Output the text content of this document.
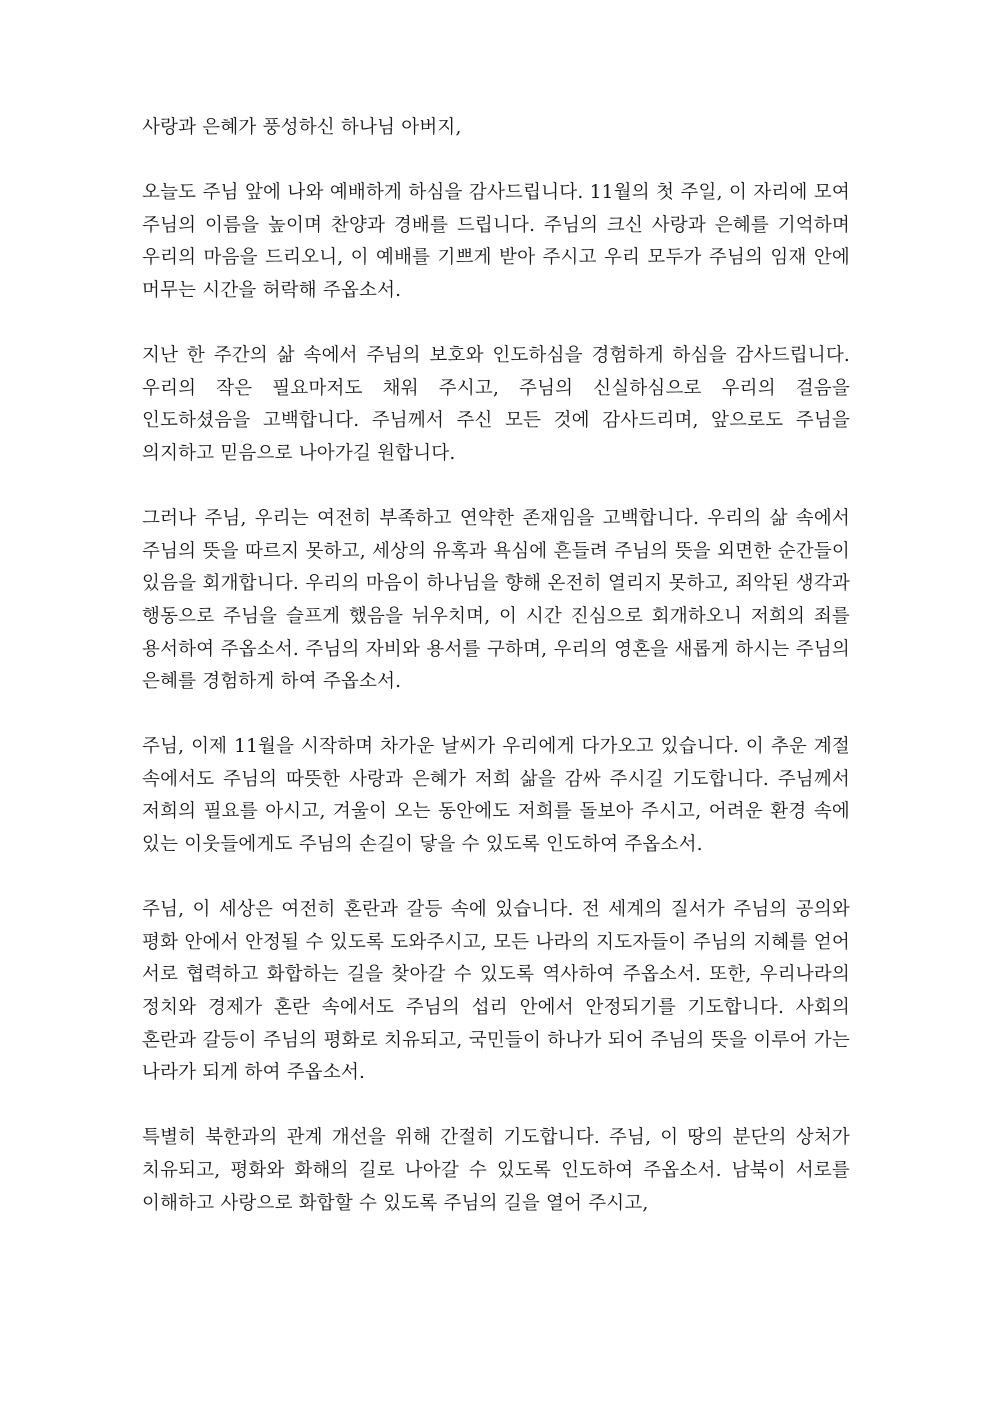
사랑과 은혜가 풍성하신 하나님 아버지,

오늘도 주님 앞에 나와 예배하게 하심을 감사드립니다. 11월의 첫 주일, 이 자리에 모여 주님의 이름을 높이며 찬양과 경배를 드립니다. 주님의 크신 사랑과 은혜를 기억하며 우리의 마음을 드리오니, 이 예배를 기쁘게 받아 주시고 우리 모두가 주님의 임재 안에 머무는 시간을 허락해 주옵소서.

지난 한 주간의 삶 속에서 주님의 보호와 인도하심을 경험하게 하심을 감사드립니다. 우리의 작은 필요마저도 채워 주시고, 주님의 신실하심으로 우리의 걸음을 인도하셨음을 고백합니다. 주님께서 주신 모든 것에 감사드리며, 앞으로도 주님을 의지하고 믿음으로 나아가길 원합니다.

그러나 주님, 우리는 여전히 부족하고 연약한 존재임을 고백합니다. 우리의 삶 속에서 주님의 뜻을 따르지 못하고, 세상의 유혹과 욕심에 흔들려 주님의 뜻을 외면한 순간들이 있음을 회개합니다. 우리의 마음이 하나님을 향해 온전히 열리지 못하고, 죄악된 생각과 행동으로 주님을 슬프게 했음을 뉘우치며, 이 시간 진심으로 회개하오니 저희의 죄를 용서하여 주옵소서. 주님의 자비와 용서를 구하며, 우리의 영혼을 새롭게 하시는 주님의 은혜를 경험하게 하여 주옵소서.

주님, 이제 11월을 시작하며 차가운 날씨가 우리에게 다가오고 있습니다. 이 추운 계절 속에서도 주님의 따뜻한 사랑과 은혜가 저희 삶을 감싸 주시길 기도합니다. 주님께서 저희의 필요를 아시고, 겨울이 오는 동안에도 저희를 돌보아 주시고, 어려운 환경 속에 있는 이웃들에게도 주님의 손길이 닿을 수 있도록 인도하여 주옵소서.

주님, 이 세상은 여전히 혼란과 갈등 속에 있습니다. 전 세계의 질서가 주님의 공의와 평화 안에서 안정될 수 있도록 도와주시고, 모든 나라의 지도자들이 주님의 지혜를 얻어 서로 협력하고 화합하는 길을 찾아갈 수 있도록 역사하여 주옵소서. 또한, 우리나라의 정치와 경제가 혼란 속에서도 주님의 섭리 안에서 안정되기를 기도합니다. 사회의 혼란과 갈등이 주님의 평화로 치유되고, 국민들이 하나가 되어 주님의 뜻을 이루어 가는 나라가 되게 하여 주옵소서.

특별히 북한과의 관계 개선을 위해 간절히 기도합니다. 주님, 이 땅의 분단의 상처가 치유되고, 평화와 화해의 길로 나아갈 수 있도록 인도하여 주옵소서. 남북이 서로를 이해하고 사랑으로 화합할 수 있도록 주님의 길을 열어 주시고,
